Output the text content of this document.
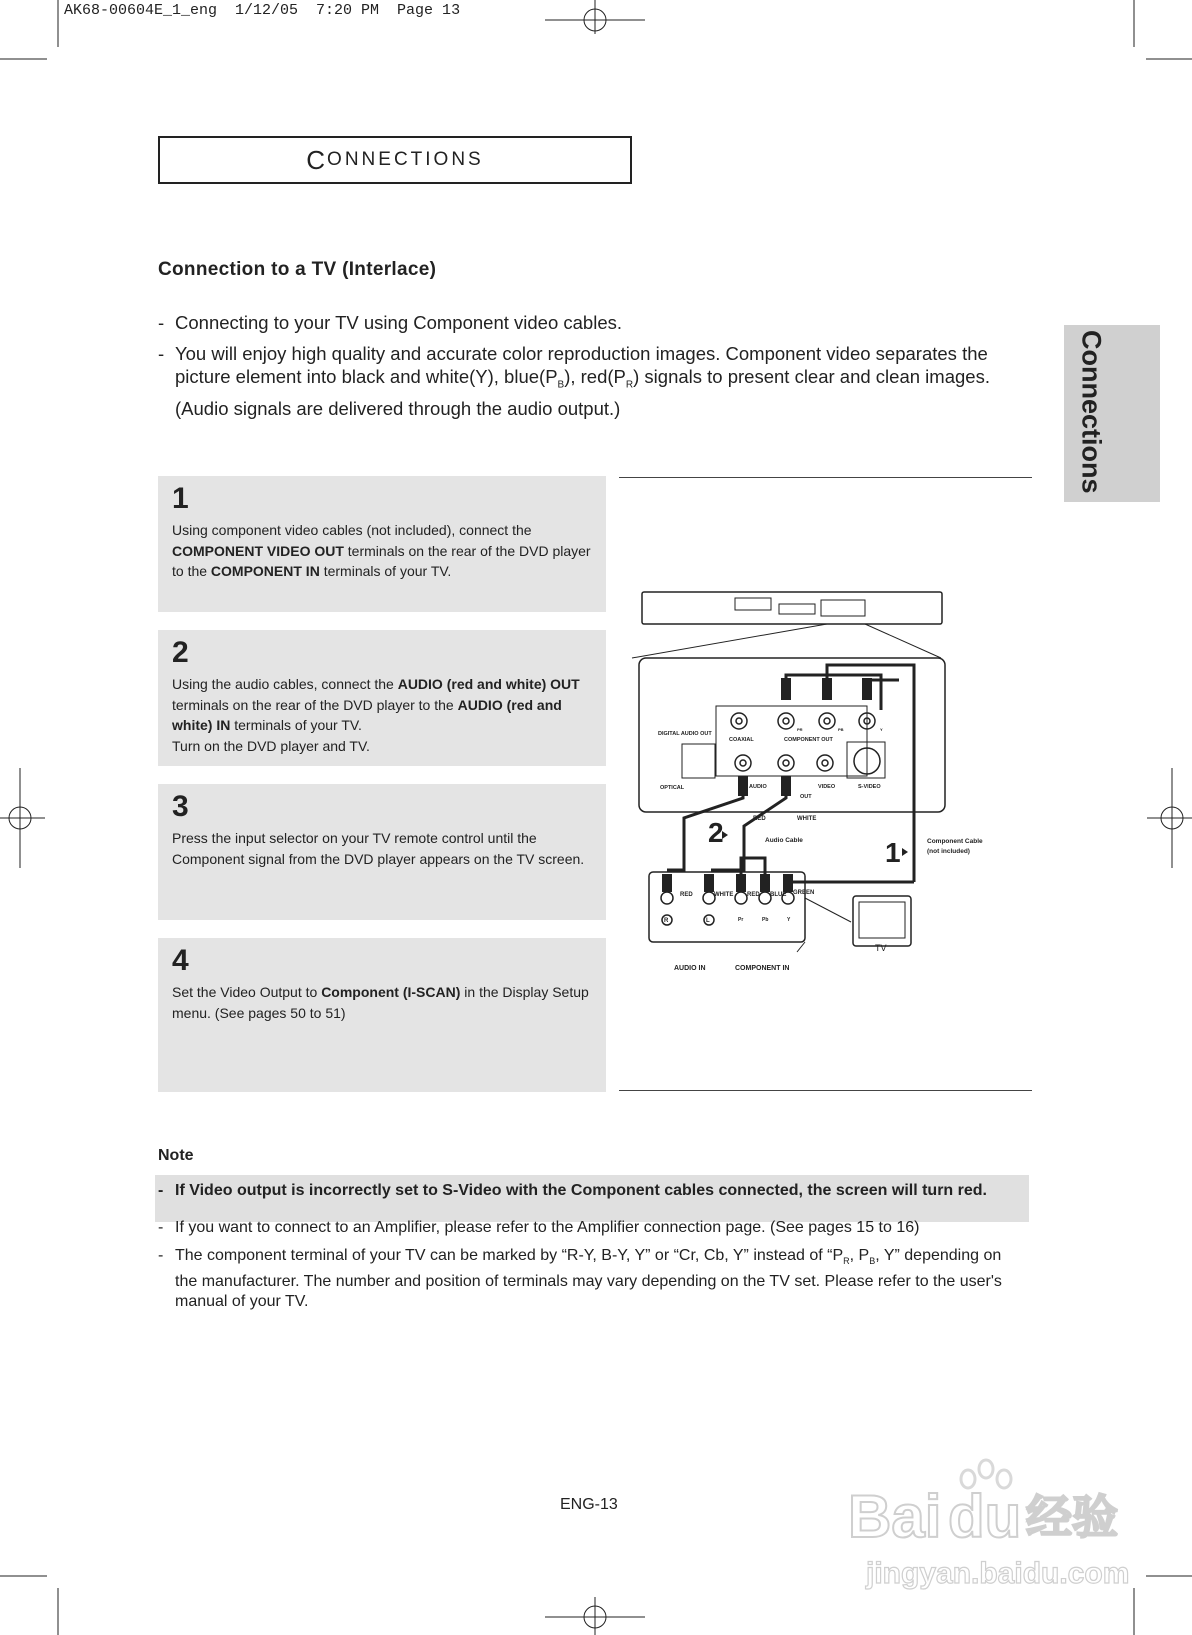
AK68-00604E_1_eng  1/12/05  7:20 PM  Page 13
C ONNECTIONS
Connections
Connection to a TV (Interlace)
- Connecting to your TV using Component video cables.
- You will enjoy high quality and accurate color reproduction images. Component video separates the picture element into black and white(Y), $blue(P_B)$, $red(P_R)$ signals to present clear and clean images. (Audio signals are delivered through the audio output.)
1
Using component video cables (not included), connect the COMPONENT VIDEO OUT terminals on the rear of the DVD player to the COMPONENT IN terminals of your TV.
2
Using the audio cables, connect the AUDIO (red and white) OUT terminals on the rear of the DVD player to the AUDIO (red and white) IN terminals of your TV.
Turn on the DVD player and TV.
3
Press the input selector on your TV remote control until the Component signal from the DVD player appears on the TV screen.
4
Set the Video Output to Component (I-SCAN) in the Display Setup menu. (See pages 50 to 51)
DIGITAL AUDIO OUT
COAXIAL	COMPONENT OUT
OPTICAL	AUDIO
OUT
VIDEO	S-VIDEO
PR	PB	Y
RED	WHITE
2	Audio Cable	1	Component Cable
(not included)
RED	WHITE RED BLUE GREEN
R	L	Pr	Pb	Y
AUDIO IN	COMPONENT IN
TV
Note
- If Video output is incorrectly set to S-Video with the Component cables connected, the screen will turn red.
- If you want to connect to an Amplifier, please refer to the Amplifier connection page. (See pages 15 to 16)
- The component terminal of your TV can be marked by “R-Y, B-Y, Y” or “Cr, Cb, Y” instead of “$P_R$, $P_B$, Y” depending on the manufacturer. The number and position of terminals may vary depending on the TV set. Please refer to the user's manual of your TV.
ENG-13	Bai du 经验
jingyan.baidu.com
